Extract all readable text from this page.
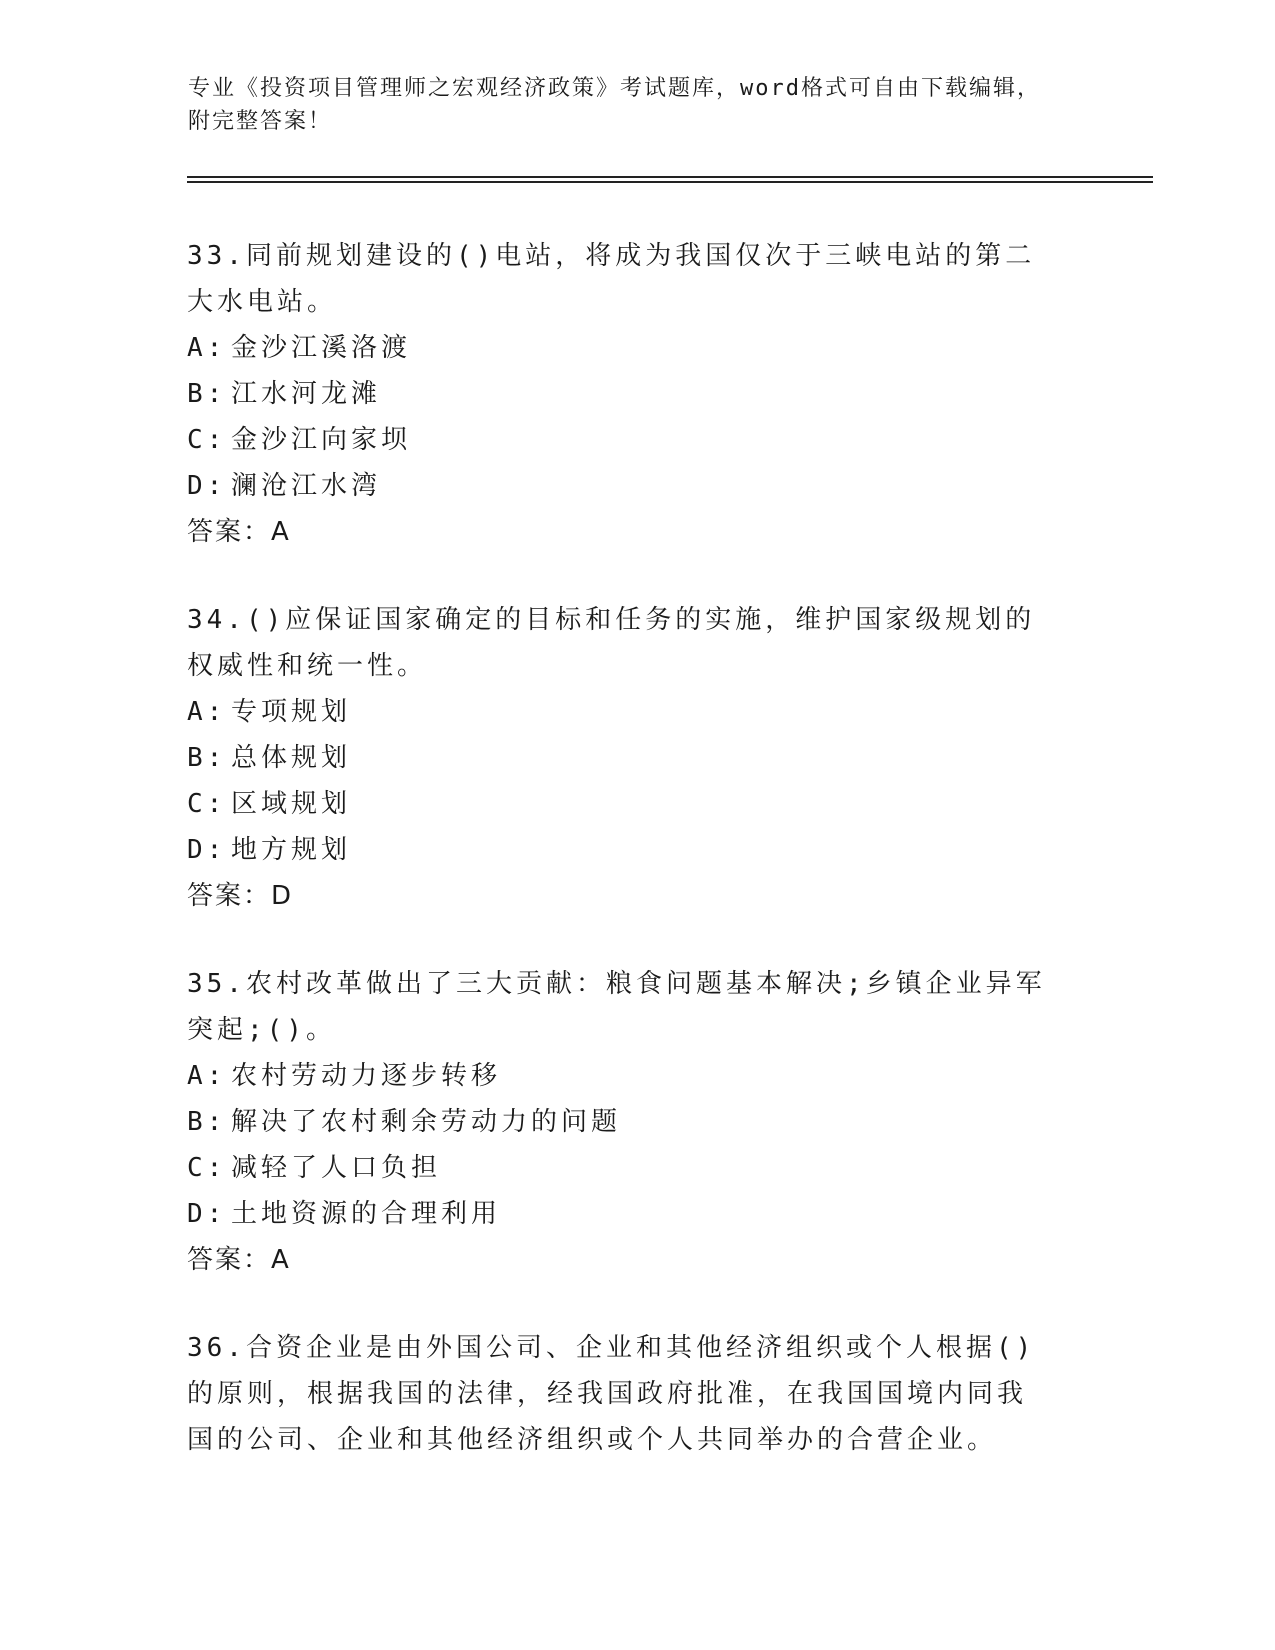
专业《投资项目管理师之宏观经济政策》考试题库，word格式可自由下载编辑，
附完整答案！
33.同前规划建设的()电站，将成为我国仅次于三峡电站的第二大水电站。
A: 金沙江溪洛渡
B: 江水河龙滩
C: 金沙江向家坝
D: 澜沧江水湾
答案：A
34.()应保证国家确定的目标和任务的实施，维护国家级规划的权威性和统一性。
A: 专项规划
B: 总体规划
C: 区域规划
D: 地方规划
答案：D
35.农村改革做出了三大贡献：粮食问题基本解决;乡镇企业异军突起;()。
A: 农村劳动力逐步转移
B: 解决了农村剩余劳动力的问题
C: 减轻了人口负担
D: 土地资源的合理利用
答案：A
36.合资企业是由外国公司、企业和其他经济组织或个人根据()的原则，根据我国的法律，经我国政府批准，在我国国境内同我国的公司、企业和其他经济组织或个人共同举办的合营企业。
